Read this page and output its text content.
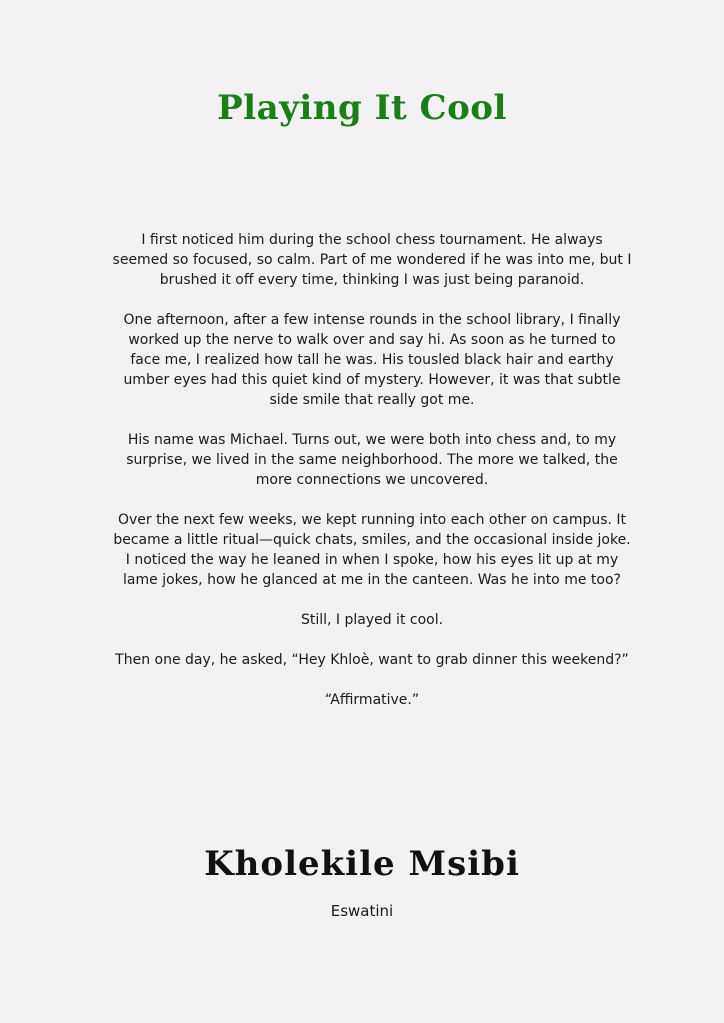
Playing It Cool

I first noticed him during the school chess tournament. He always seemed so focused, so calm. Part of me wondered if he was into me, but I brushed it off every time, thinking I was just being paranoid.

One afternoon, after a few intense rounds in the school library, I finally worked up the nerve to walk over and say hi. As soon as he turned to face me, I realized how tall he was. His tousled black hair and earthy umber eyes had this quiet kind of mystery. However, it was that subtle side smile that really got me.

His name was Michael. Turns out, we were both into chess and, to my surprise, we lived in the same neighborhood. The more we talked, the more connections we uncovered.

Over the next few weeks, we kept running into each other on campus. It became a little ritual—quick chats, smiles, and the occasional inside joke. I noticed the way he leaned in when I spoke, how his eyes lit up at my lame jokes, how he glanced at me in the canteen. Was he into me too?

Still, I played it cool.

Then one day, he asked, “Hey Khloè, want to grab dinner this weekend?”

“Affirmative.”

Kholekile Msibi
Eswatini
